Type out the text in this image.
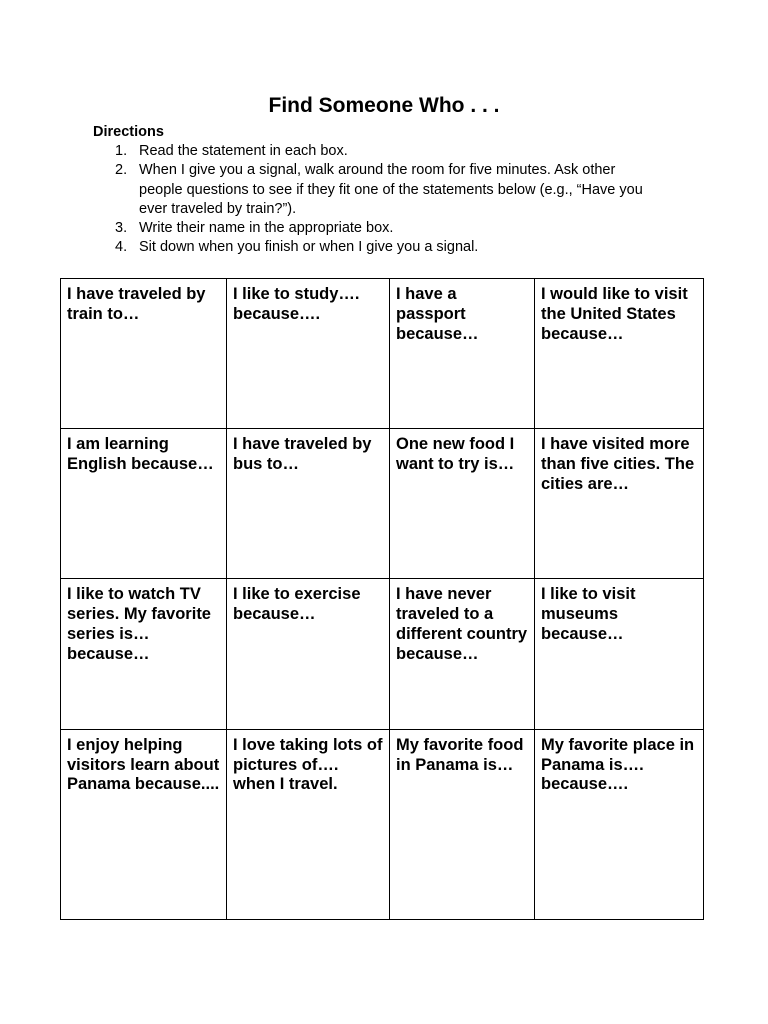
Find Someone Who . . .
Directions
1. Read the statement in each box.
2. When I give you a signal, walk around the room for five minutes. Ask other people questions to see if they fit one of the statements below (e.g., “Have you ever traveled by train?”).
3. Write their name in the appropriate box.
4. Sit down when you finish or when I give you a signal.
I have traveled by train to…	I like to study…. because….	I have a passport because…	I would like to visit the United States because…
I am learning English because…	I have traveled by bus to…	One new food I want to try is…	I have visited more than five cities. The cities are…
I like to watch TV series. My favorite series is…because…	I like to exercise because…	I have never traveled to a different country because…	I like to visit museums because…
I enjoy helping visitors learn about Panama because....	I love taking lots of pictures of…. when I travel.	My favorite food in Panama is…	My favorite place in Panama is…. because….
